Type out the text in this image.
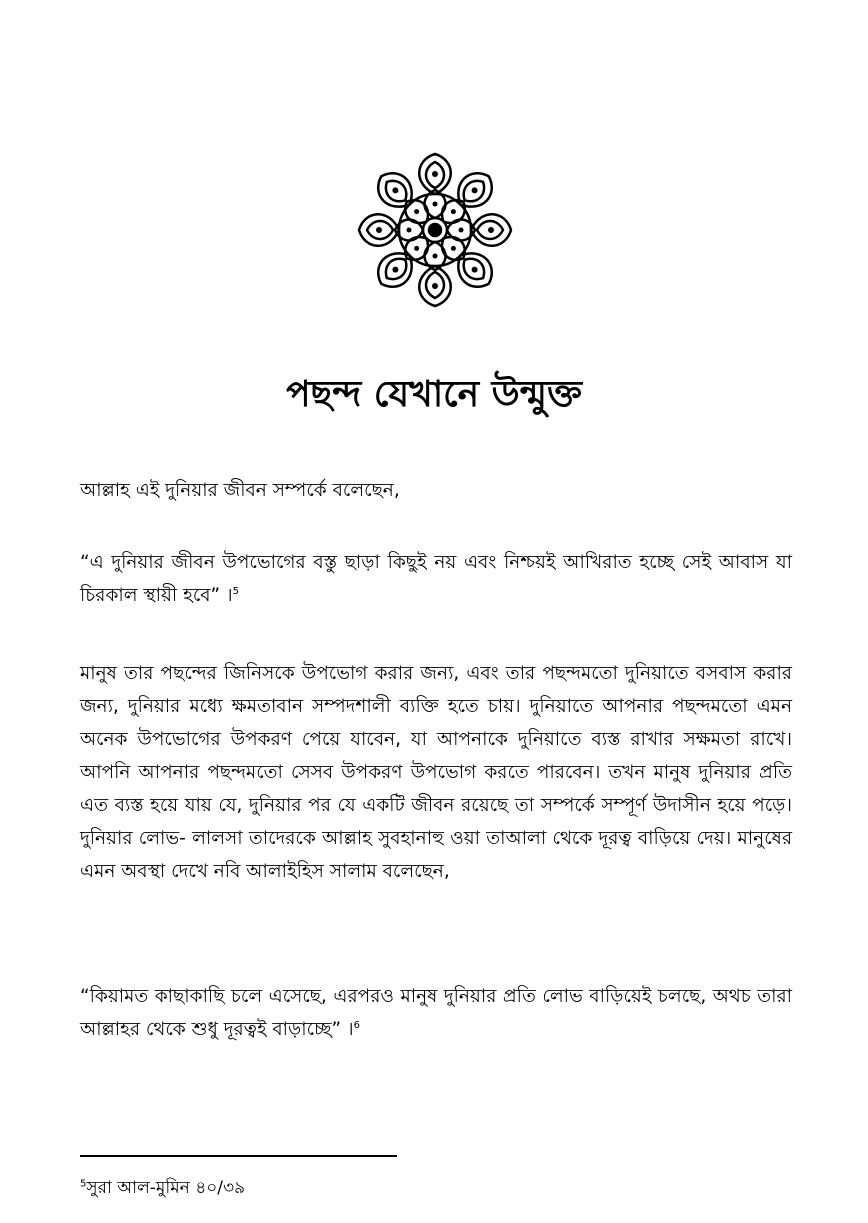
পছন্দ যেখানে উন্মুক্ত

আল্লাহ এই দুনিয়ার জীবন সম্পর্কে বলেছেন,

“এ দুনিয়ার জীবন উপভোগের বস্তু ছাড়া কিছুই নয় এবং নিশ্চয়ই আখিরাত হচ্ছে সেই আবাস যা চিরকাল স্থায়ী হবে” ।$^5$

মানুষ তার পছন্দের জিনিসকে উপভোগ করার জন্য, এবং তার পছন্দমতো দুনিয়াতে বসবাস করার জন্য, দুনিয়ার মধ্যে ক্ষমতাবান সম্পদশালী ব্যক্তি হতে চায়। দুনিয়াতে আপনার পছন্দমতো এমন অনেক উপভোগের উপকরণ পেয়ে যাবেন, যা আপনাকে দুনিয়াতে ব্যস্ত রাখার সক্ষমতা রাখে। আপনি আপনার পছন্দমতো সেসব উপকরণ উপভোগ করতে পারবেন। তখন মানুষ দুনিয়ার প্রতি এত ব্যস্ত হয়ে যায় যে, দুনিয়ার পর যে একটি জীবন রয়েছে তা সম্পর্কে সম্পূর্ণ উদাসীন হয়ে পড়ে। দুনিয়ার লোভ- লালসা তাদেরকে আল্লাহ সুবহানাহু ওয়া তাআলা থেকে দূরত্ব বাড়িয়ে দেয়। মানুষের এমন অবস্থা দেখে নবি আলাইহিস সালাম বলেছেন,

“কিয়ামত কাছাকাছি চলে এসেছে, এরপরও মানুষ দুনিয়ার প্রতি লোভ বাড়িয়েই চলছে, অথচ তারা আল্লাহর থেকে শুধু দূরত্বই বাড়াচ্ছে” ।$^6$

$^5$সুরা আল-মুমিন ৪০/৩৯
